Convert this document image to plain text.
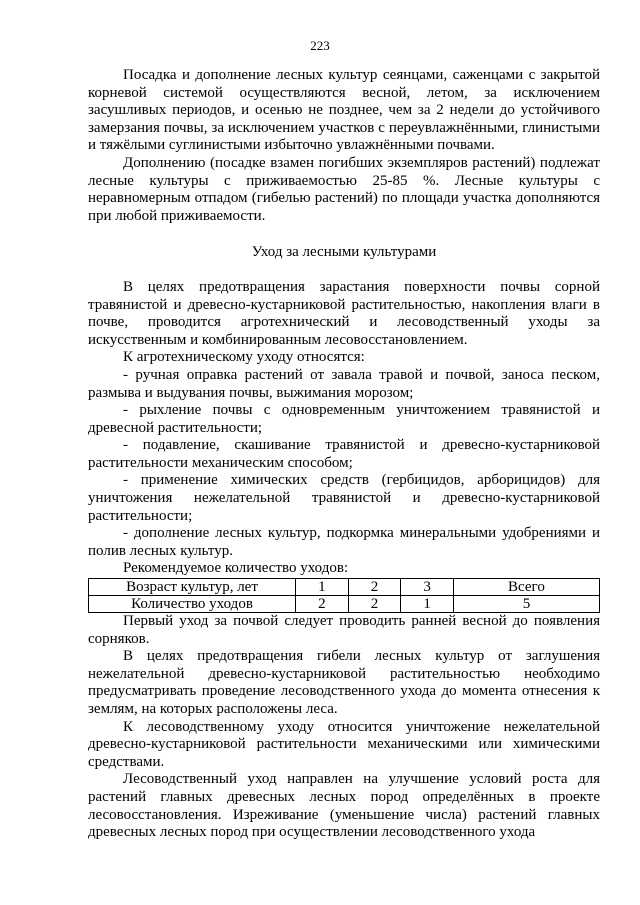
223

Посадка и дополнение лесных культур сеянцами, саженцами с закрытой корневой системой осуществляются весной, летом, за исключением засушливых периодов, и осенью не позднее, чем за 2 недели до устойчивого замерзания почвы, за исключением участков с переувлажнёнными, глинистыми и тяжёлыми суглинистыми избыточно увлажнёнными почвами.

Дополнению (посадке взамен погибших экземпляров растений) подлежат лесные культуры с приживаемостью 25-85 %. Лесные культуры с неравномерным отпадом (гибелью растений) по площади участка дополняются при любой приживаемости.

Уход за лесными культурами

В целях предотвращения зарастания поверхности почвы сорной травянистой и древесно-кустарниковой растительностью, накопления влаги в почве, проводится агротехнический и лесоводственный уходы за искусственным и комбинированным лесовосстановлением.

К агротехническому уходу относятся:

- ручная оправка растений от завала травой и почвой, заноса песком, размыва и выдувания почвы, выжимания морозом;

- рыхление почвы с одновременным уничтожением травянистой и древесной растительности;

- подавление, скашивание травянистой и древесно-кустарниковой растительности механическим способом;

- применение химических средств (гербицидов, арборицидов) для уничтожения нежелательной травянистой и древесно-кустарниковой растительности;

- дополнение лесных культур, подкормка минеральными удобрениями и полив лесных культур.

Рекомендуемое количество уходов:

Возраст культур, лет	1	2	3	Всего
Количество уходов	2	2	1	5

Первый уход за почвой следует проводить ранней весной до появления сорняков.

В целях предотвращения гибели лесных культур от заглушения нежелательной древесно-кустарниковой растительностью необходимо предусматривать проведение лесоводственного ухода до момента отнесения к землям, на которых расположены леса.

К лесоводственному уходу относится уничтожение нежелательной древесно-кустарниковой растительности механическими или химическими средствами.

Лесоводственный уход направлен на улучшение условий роста для растений главных древесных лесных пород определённых в проекте лесовосстановления. Изреживание (уменьшение числа) растений главных древесных лесных пород при осуществлении лесоводственного ухода
